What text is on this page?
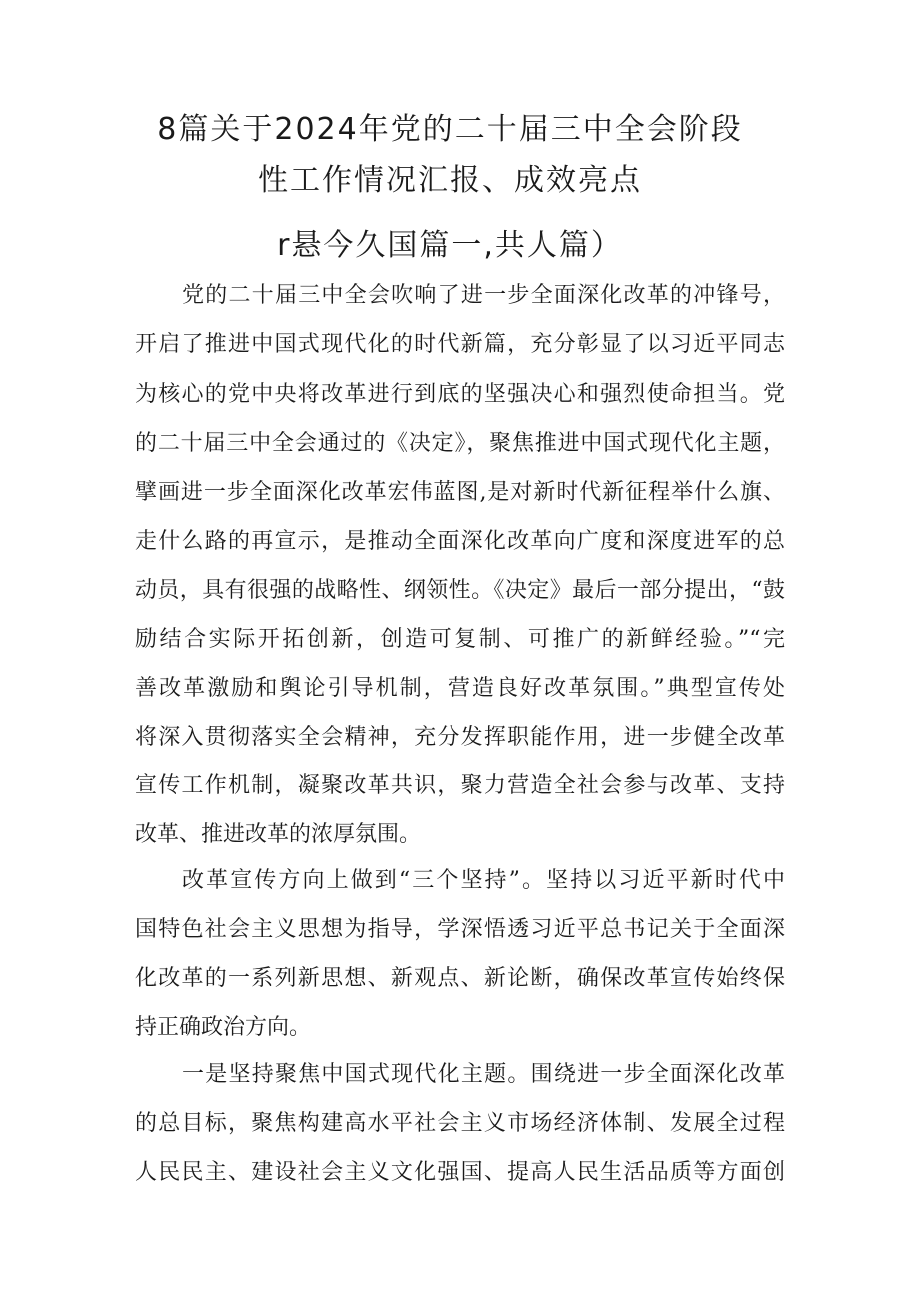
8篇关于2024年党的二十届三中全会阶段
性工作情况汇报、成效亮点
r悬今久国篇一,共人篇）

党的二十届三中全会吹响了进一步全面深化改革的冲锋号，

开启了推进中国式现代化的时代新篇，充分彰显了以习近平同志

为核心的党中央将改革进行到底的坚强决心和强烈使命担当。党

的二十届三中全会通过的《决定》，聚焦推进中国式现代化主题，

擘画进一步全面深化改革宏伟蓝图,是对新时代新征程举什么旗、

走什么路的再宣示，是推动全面深化改革向广度和深度进军的总

动员，具有很强的战略性、纲领性。《决定》最后一部分提出，“鼓

励结合实际开拓创新，创造可复制、可推广的新鲜经验。”“完

善改革激励和舆论引导机制，营造良好改革氛围。”典型宣传处

将深入贯彻落实全会精神，充分发挥职能作用，进一步健全改革

宣传工作机制，凝聚改革共识，聚力营造全社会参与改革、支持

改革、推进改革的浓厚氛围。

改革宣传方向上做到“三个坚持”。坚持以习近平新时代中

国特色社会主义思想为指导，学深悟透习近平总书记关于全面深

化改革的一系列新思想、新观点、新论断，确保改革宣传始终保

持正确政治方向。

一是坚持聚焦中国式现代化主题。围绕进一步全面深化改革

的总目标，聚焦构建高水平社会主义市场经济体制、发展全过程

人民民主、建设社会主义文化强国、提高人民生活品质等方面创
